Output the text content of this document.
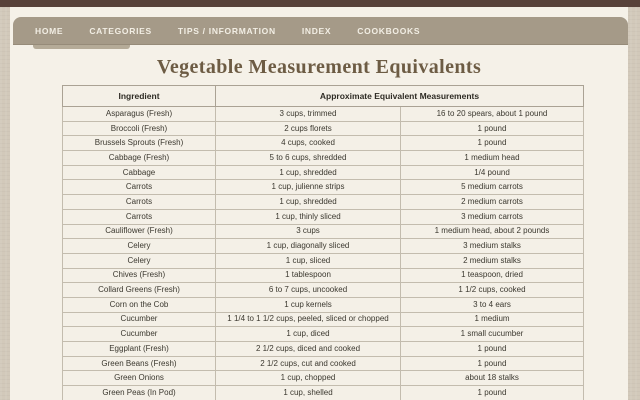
Vegetable Measurement Equivalents
Ingredient	Approximate Equivalent Measurements	
Asparagus (Fresh)	3 cups, trimmed	16 to 20 spears, about 1 pound
Broccoli (Fresh)	2 cups florets	1 pound
Brussels Sprouts (Fresh)	4 cups, cooked	1 pound
Cabbage (Fresh)	5 to 6 cups, shredded	1 medium head
Cabbage	1 cup, shredded	1/4 pound
Carrots	1 cup, julienne strips	5 medium carrots
Carrots	1 cup, shredded	2 medium carrots
Carrots	1 cup, thinly sliced	3 medium carrots
Cauliflower (Fresh)	3 cups	1 medium head, about 2 pounds
Celery	1 cup, diagonally sliced	3 medium stalks
Celery	1 cup, sliced	2 medium stalks
Chives (Fresh)	1 tablespoon	1 teaspoon, dried
Collard Greens (Fresh)	6 to 7 cups, uncooked	1 1/2 cups, cooked
Corn on the Cob	1 cup kernels	3 to 4 ears
Cucumber	1 1/4 to 1 1/2 cups, peeled, sliced or chopped	1 medium
Cucumber	1 cup, diced	1 small cucumber
Eggplant (Fresh)	2 1/2 cups, diced and cooked	1 pound
Green Beans (Fresh)	2 1/2 cups, cut and cooked	1 pound
Green Onions	1 cup, chopped	about 18 stalks
Green Peas (In Pod)	1 cup, shelled	1 pound
HOME	CATEGORIES	TIPS / INFORMATION	INDEX	COOKBOOKS
